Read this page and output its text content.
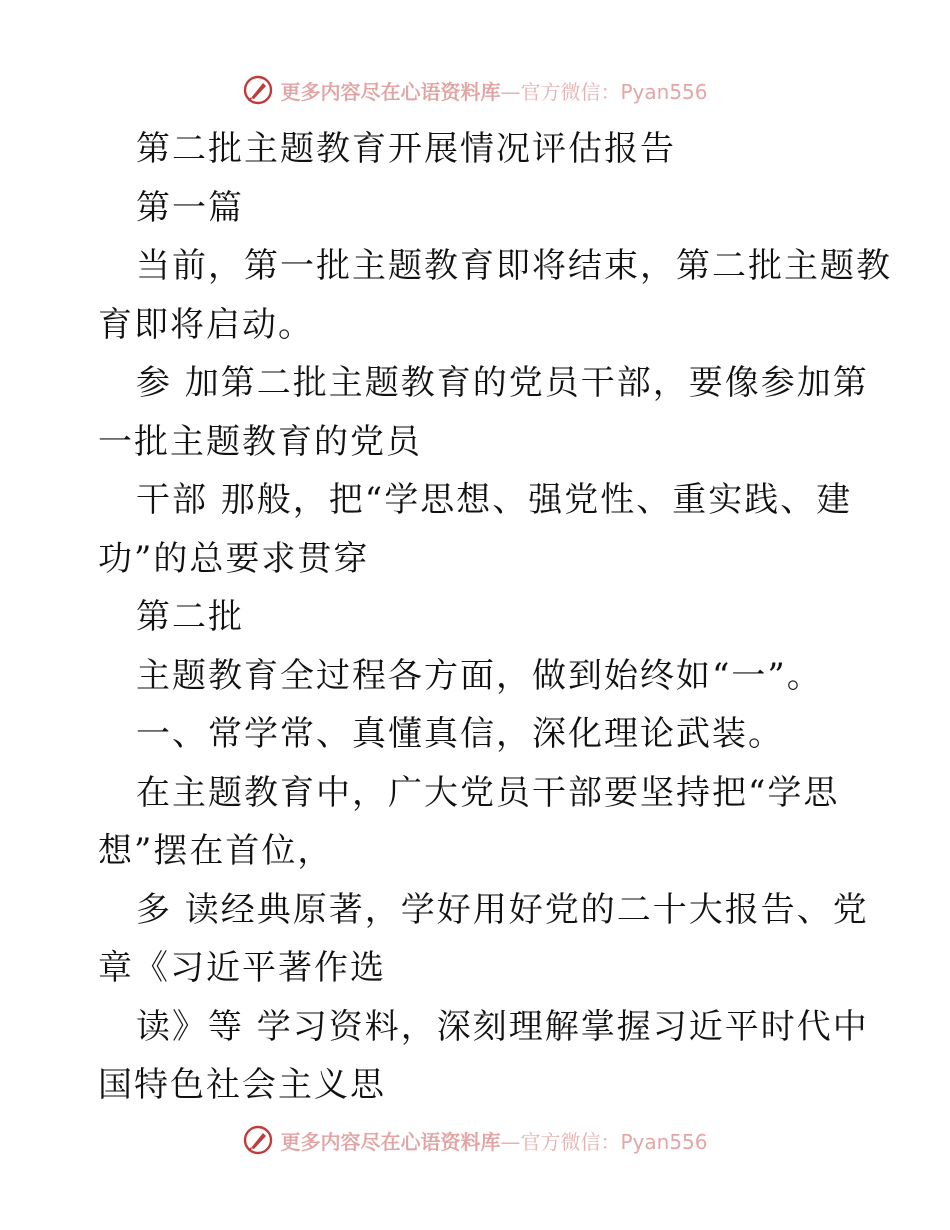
更多内容尽在心语资料库—官方微信：Pyan556
第二批主题教育开展情况评估报告
第一篇
当前，第一批主题教育即将结束，第二批主题教
育即将启动。
参 加第二批主题教育的党员干部，要像参加第
一批主题教育的党员
干部 那般，把“学思想、强党性、重实践、建
功”的总要求贯穿
第二批
主题教育全过程各方面，做到始终如“一”。
一、常学常、真懂真信，深化理论武装。
在主题教育中，广大党员干部要坚持把“学思
想”摆在首位，
多 读经典原著，学好用好党的二十大报告、党
章《习近平著作选
读》等 学习资料，深刻理解掌握习近平时代中
国特色社会主义思
更多内容尽在心语资料库—官方微信：Pyan556
